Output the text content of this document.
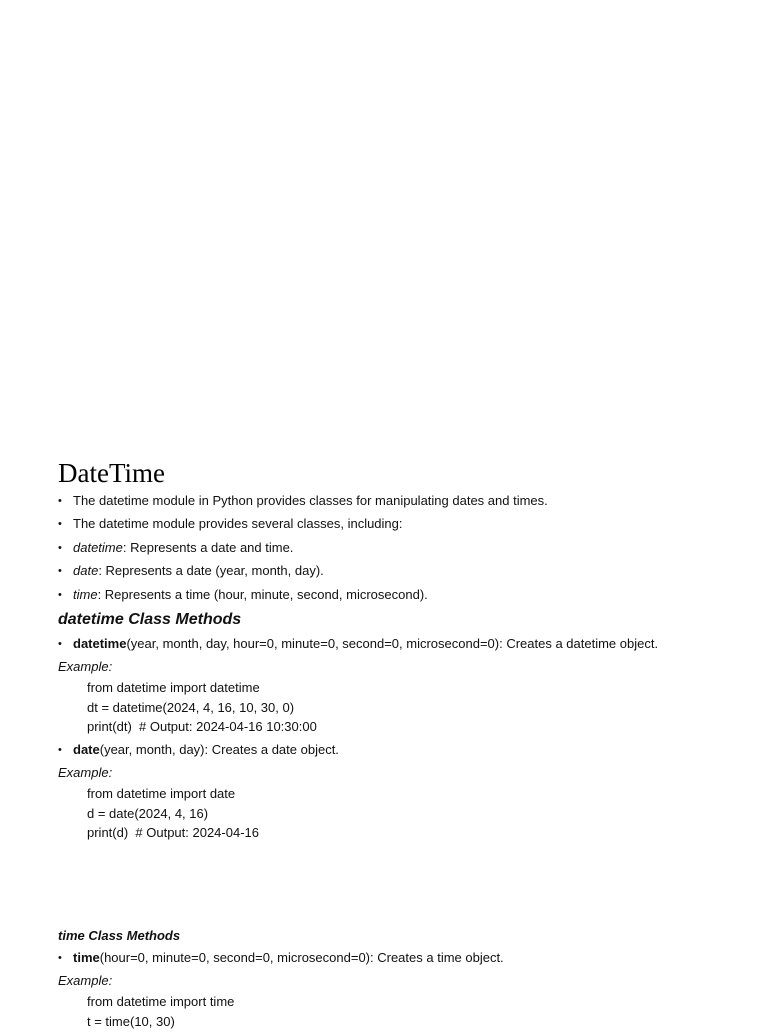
DateTime
• The datetime module in Python provides classes for manipulating dates and times.
• The datetime module provides several classes, including:
• datetime: Represents a date and time.
• date: Represents a date (year, month, day).
• time: Represents a time (hour, minute, second, microsecond).
datetime Class Methods
• datetime(year, month, day, hour=0, minute=0, second=0, microsecond=0): Creates a datetime object.
Example:
from datetime import datetime
dt = datetime(2024, 4, 16, 10, 30, 0)
print(dt)  # Output: 2024-04-16 10:30:00
• date(year, month, day): Creates a date object.
Example:
from datetime import date
d = date(2024, 4, 16)
print(d)  # Output: 2024-04-16
time Class Methods
• time(hour=0, minute=0, second=0, microsecond=0): Creates a time object.
Example:
from datetime import time
t = time(10, 30)
